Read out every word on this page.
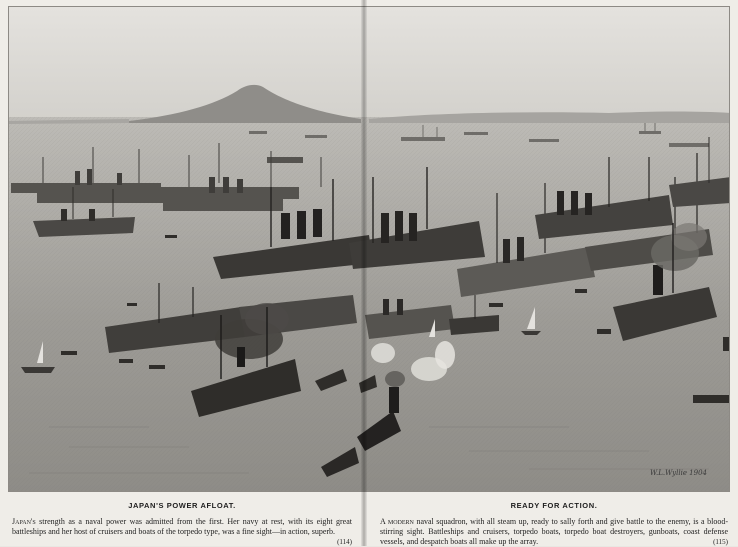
W.L.Wyllie 1904
JAPAN'S POWER AFLOAT.

Japan's strength as a naval power was admitted from the first. Her navy at rest, with its eight great battleships and her host of cruisers and boats of the torpedo type, was a fine sight—in action, superb.
(114)

READY FOR ACTION.

A modern naval squadron, with all steam up, ready to sally forth and give battle to the enemy, is a blood-stirring sight. Battleships and cruisers, torpedo boats, torpedo boat destroyers, gunboats, coast defense vessels, and despatch boats all make up the array.	(115)
